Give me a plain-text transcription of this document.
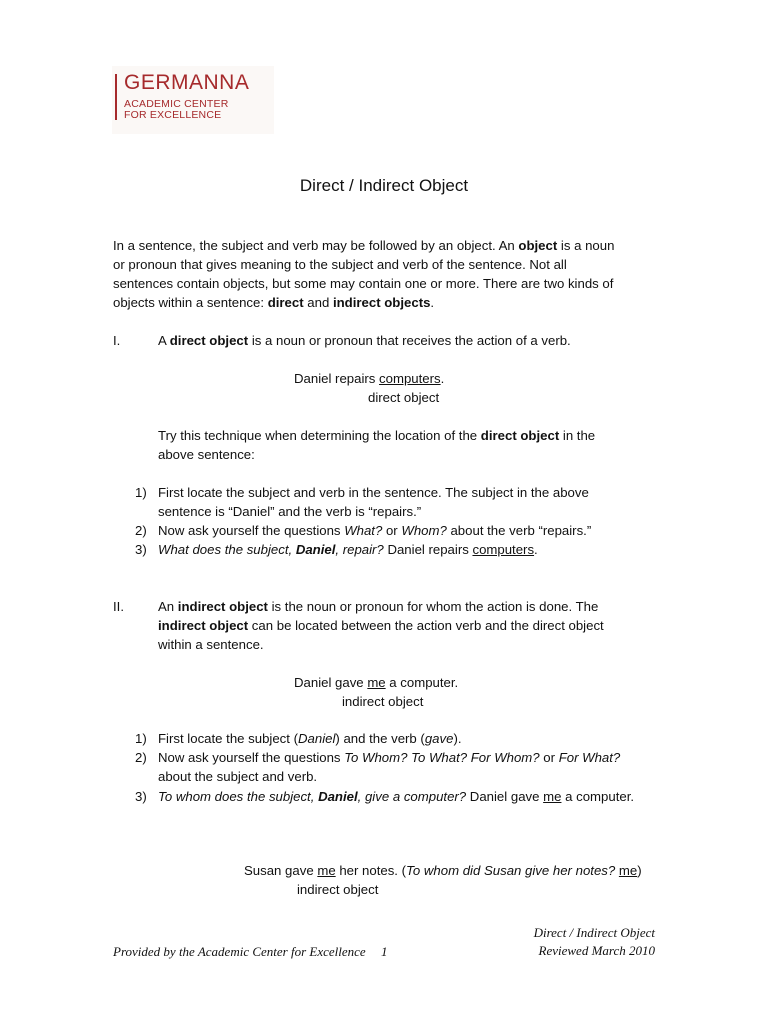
GERMANNA
ACADEMIC CENTER
FOR EXCELLENCE
Direct / Indirect Object
In a sentence, the subject and verb may be followed by an object. An object is a noun
or pronoun that gives meaning to the subject and verb of the sentence. Not all
sentences contain objects, but some may contain one or more. There are two kinds of
objects within a sentence: direct and indirect objects.
I.	A direct object is a noun or pronoun that receives the action of a verb.
Daniel repairs computers.
direct object
Try this technique when determining the location of the direct object in the
above sentence:
1) First locate the subject and verb in the sentence. The subject in the above
sentence is “Daniel” and the verb is “repairs.”
2) Now ask yourself the questions What? or Whom? about the verb “repairs.”
3) What does the subject, Daniel, repair? Daniel repairs computers.
II.	An indirect object is the noun or pronoun for whom the action is done. The
indirect object can be located between the action verb and the direct object
within a sentence.
Daniel gave me a computer.
indirect object
1) First locate the subject (Daniel) and the verb (gave).
2) Now ask yourself the questions To Whom? To What? For Whom? or For What?
about the subject and verb.
3) To whom does the subject, Daniel, give a computer? Daniel gave me a computer.
Susan gave me her notes. (To whom did Susan give her notes? me)
indirect object
Provided by the Academic Center for Excellence 1
Direct / Indirect Object
Reviewed March 2010
